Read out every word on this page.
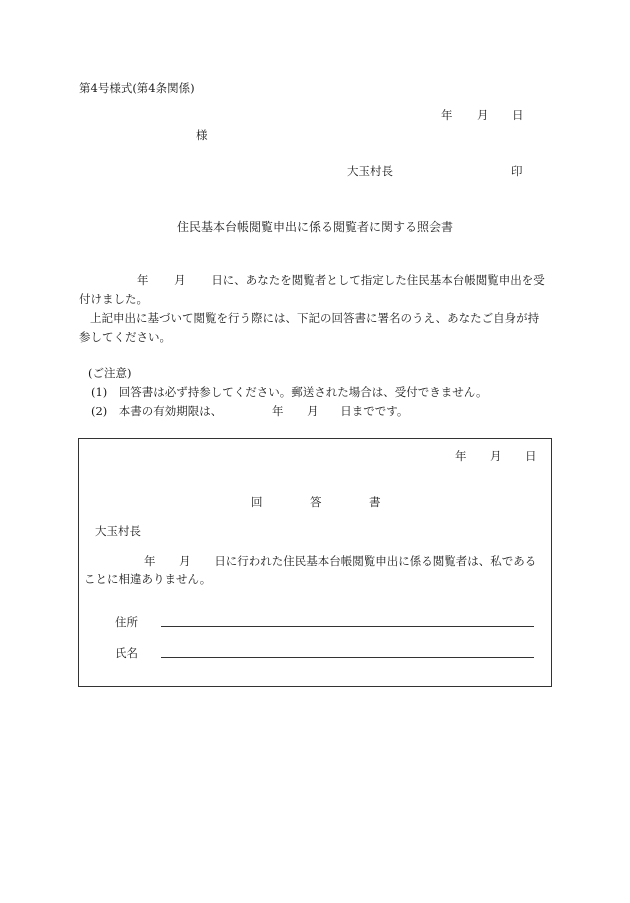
第4号様式(第4条関係)
年 月 日
様
大玉村長	印
住民基本台帳閲覧申出に係る閲覧者に関する照会書
年 月 日に、あなたを閲覧者として指定した住民基本台帳閲覧申出を受
付けました。
上記申出に基づいて閲覧を行う際には、下記の回答書に署名のうえ、あなたご自身が持
参してください。
(ご注意)
(1)　回答書は必ず持参してください。郵送された場合は、受付できません。
(2)　本書の有効期限は、	年 月 日までです。
年 月 日
回	答	書
大玉村長
年 月 日に行われた住民基本台帳閲覧申出に係る閲覧者は、私である
ことに相違ありません。
住所
氏名
